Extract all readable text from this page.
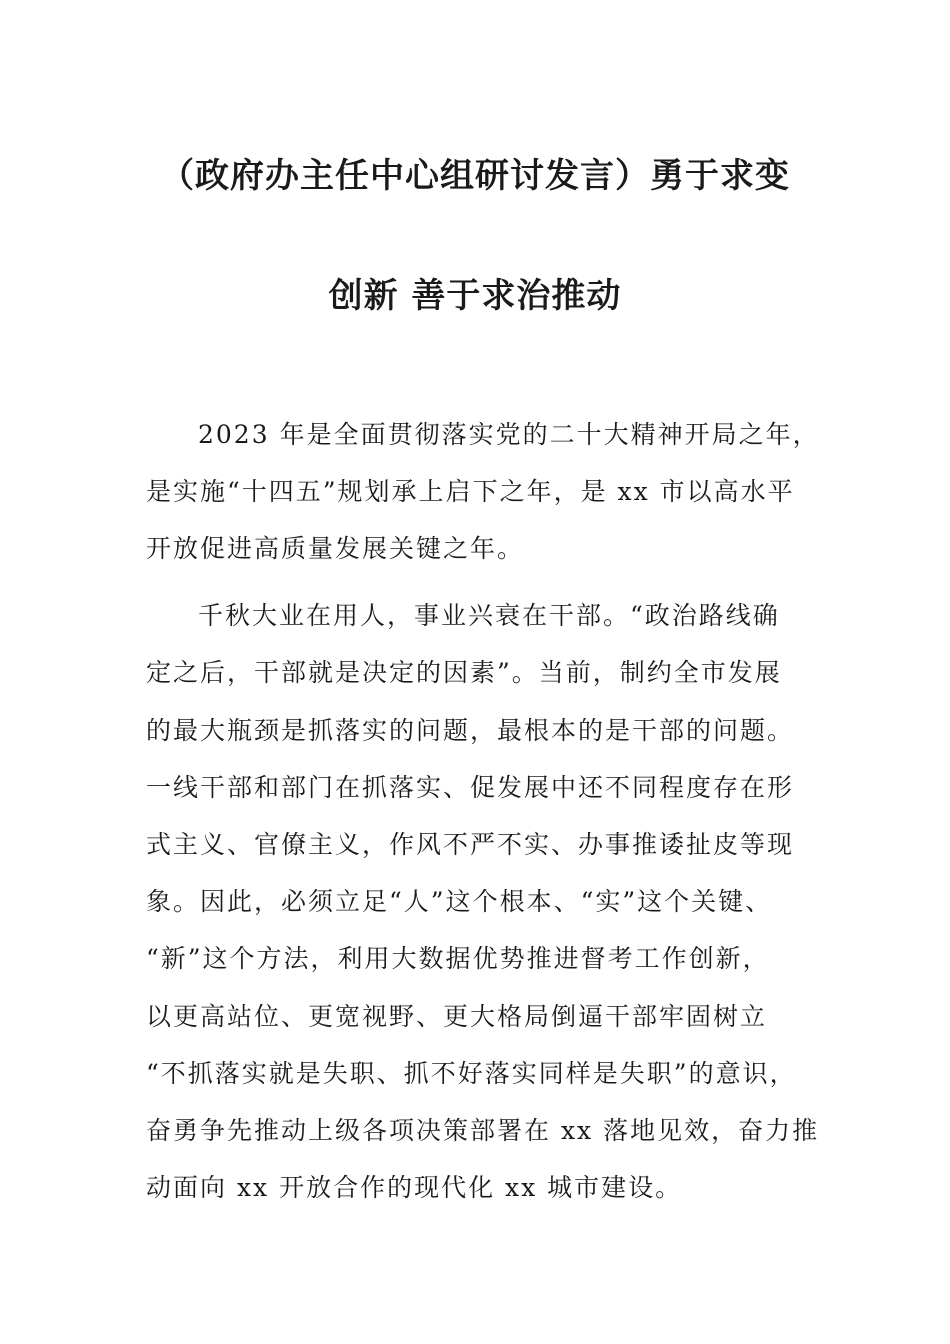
（政府办主任中心组研讨发言）勇于求变
创新 善于求治推动
2023 年是全面贯彻落实党的二十大精神开局之年，
是实施“十四五”规划承上启下之年，是 xx 市以高水平
开放促进高质量发展关键之年。
千秋大业在用人，事业兴衰在干部。“政治路线确
定之后，干部就是决定的因素”。当前，制约全市发展
的最大瓶颈是抓落实的问题，最根本的是干部的问题。
一线干部和部门在抓落实、促发展中还不同程度存在形
式主义、官僚主义，作风不严不实、办事推诿扯皮等现
象。因此，必须立足“人”这个根本、“实”这个关键、
“新”这个方法，利用大数据优势推进督考工作创新，
以更高站位、更宽视野、更大格局倒逼干部牢固树立
“不抓落实就是失职、抓不好落实同样是失职”的意识，
奋勇争先推动上级各项决策部署在 xx 落地见效，奋力推
动面向 xx 开放合作的现代化 xx 城市建设。
